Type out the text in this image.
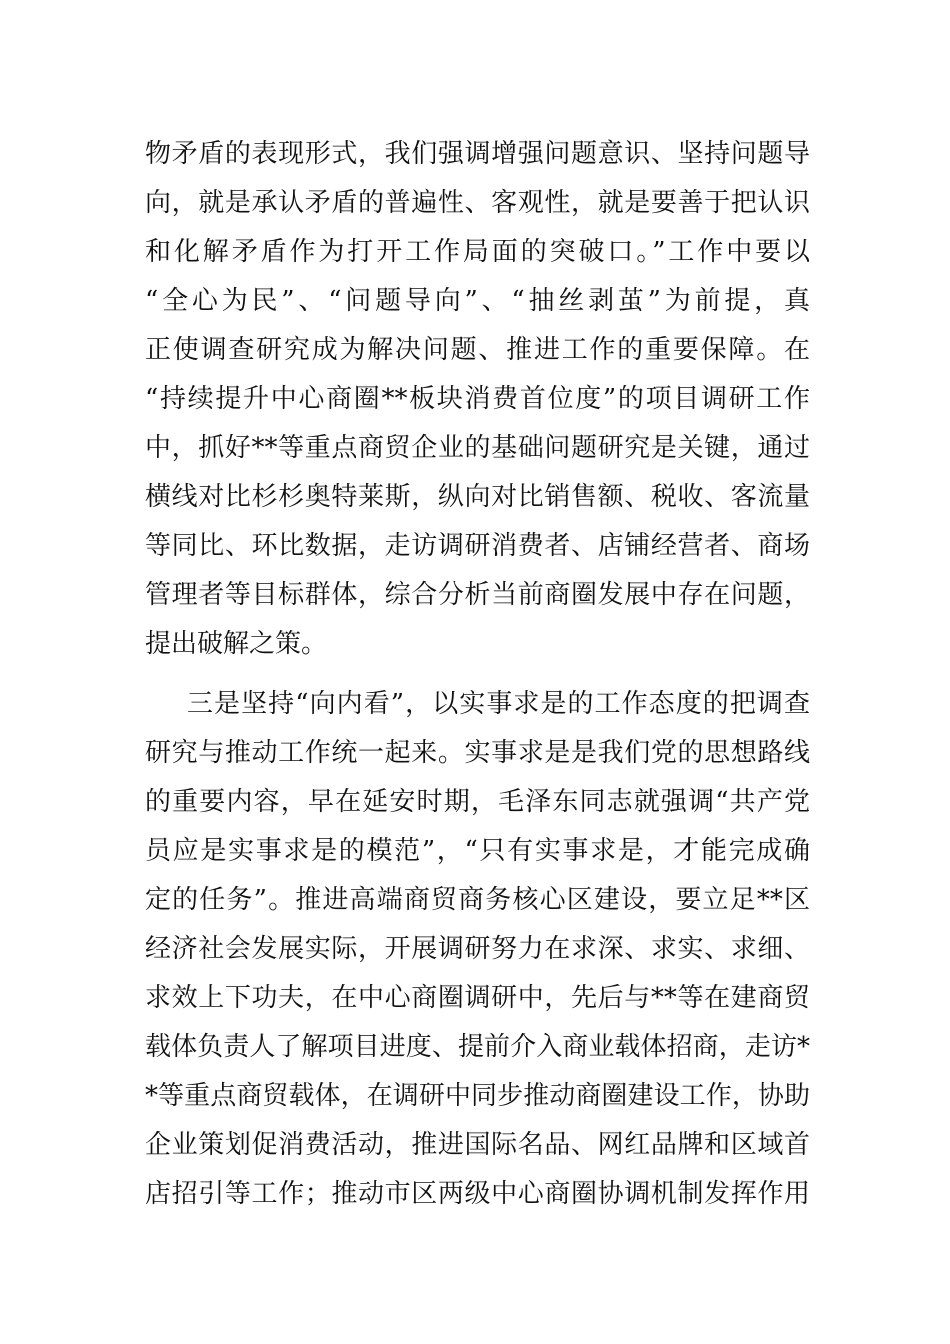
物矛盾的表现形式，我们强调增强问题意识、坚持问题导
向，就是承认矛盾的普遍性、客观性，就是要善于把认识
和化解矛盾作为打开工作局面的突破口。”工作中要以
“全心为民”、“问题导向”、“抽丝剥茧”为前提，真
正使调查研究成为解决问题、推进工作的重要保障。在
“持续提升中心商圈**板块消费首位度”的项目调研工作
中，抓好**等重点商贸企业的基础问题研究是关键，通过
横线对比杉杉奥特莱斯，纵向对比销售额、税收、客流量
等同比、环比数据，走访调研消费者、店铺经营者、商场
管理者等目标群体，综合分析当前商圈发展中存在问题，
提出破解之策。
三是坚持“向内看”，以实事求是的工作态度的把调查
研究与推动工作统一起来。实事求是是我们党的思想路线
的重要内容，早在延安时期，毛泽东同志就强调“共产党
员应是实事求是的模范”，“只有实事求是，才能完成确
定的任务”。推进高端商贸商务核心区建设，要立足**区
经济社会发展实际，开展调研努力在求深、求实、求细、
求效上下功夫，在中心商圈调研中，先后与**等在建商贸
载体负责人了解项目进度、提前介入商业载体招商，走访*
*等重点商贸载体，在调研中同步推动商圈建设工作，协助
企业策划促消费活动，推进国际名品、网红品牌和区域首
店招引等工作；推动市区两级中心商圈协调机制发挥作用
